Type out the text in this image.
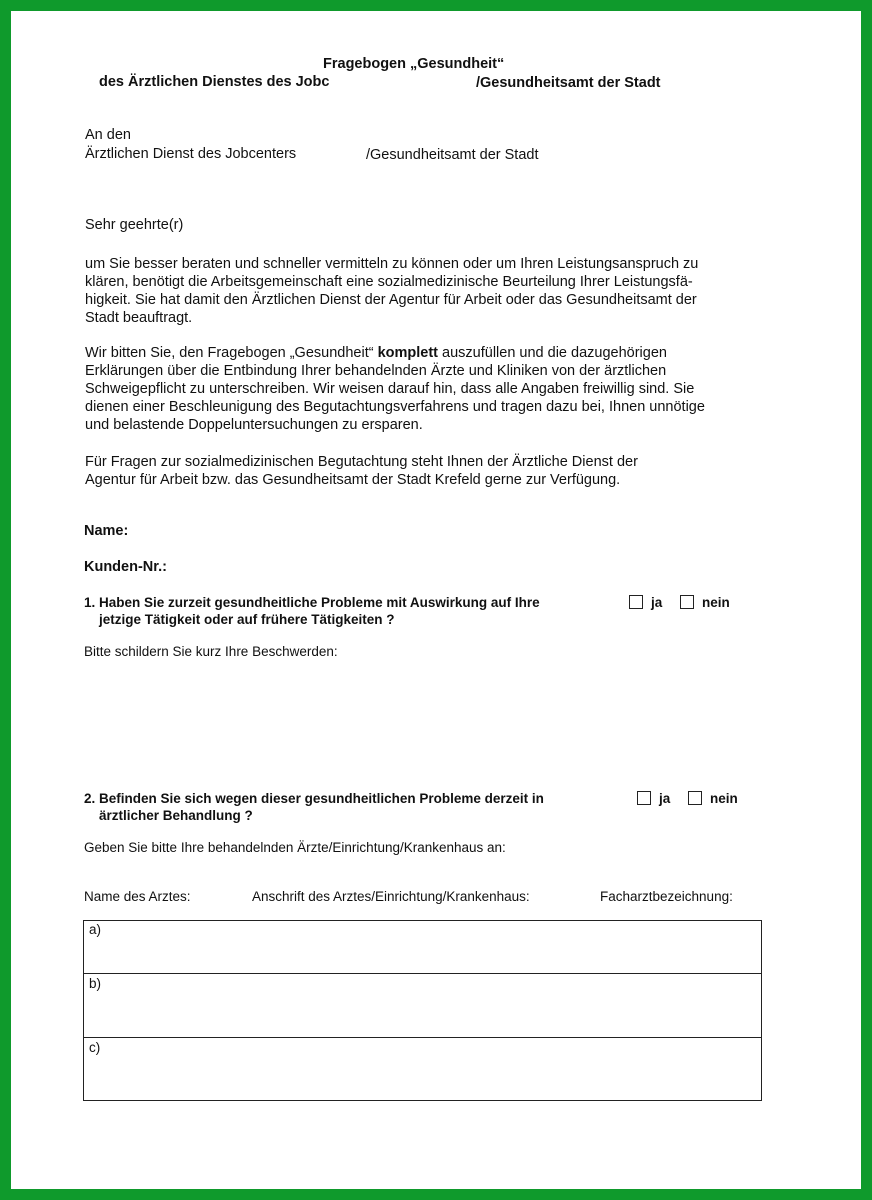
Fragebogen „Gesundheit“
des Ärztlichen Dienstes des Jobc	/Gesundheitsamt der Stadt
An den
Ärztlichen Dienst des Jobcenters	/Gesundheitsamt der Stadt
Sehr geehrte(r)
um Sie besser beraten und schneller vermitteln zu können oder um Ihren Leistungsanspruch zu
klären, benötigt die Arbeitsgemeinschaft eine sozialmedizinische Beurteilung Ihrer Leistungsfä-
higkeit. Sie hat damit den Ärztlichen Dienst der Agentur für Arbeit oder das Gesundheitsamt der
Stadt beauftragt.
Wir bitten Sie, den Fragebogen „Gesundheit“ komplett auszufüllen und die dazugehörigen
Erklärungen über die Entbindung Ihrer behandelnden Ärzte und Kliniken von der ärztlichen
Schweigepflicht zu unterschreiben. Wir weisen darauf hin, dass alle Angaben freiwillig sind. Sie
dienen einer Beschleunigung des Begutachtungsverfahrens und tragen dazu bei, Ihnen unnötige
und belastende Doppeluntersuchungen zu ersparen.
Für Fragen zur sozialmedizinischen Begutachtung steht Ihnen der Ärztliche Dienst der
Agentur für Arbeit bzw. das Gesundheitsamt der Stadt Krefeld gerne zur Verfügung.
Name:
Kunden-Nr.:
1. Haben Sie zurzeit gesundheitliche Probleme mit Auswirkung auf Ihre
jetzige Tätigkeit oder auf frühere Tätigkeiten ?
ja	nein
Bitte schildern Sie kurz Ihre Beschwerden:
2. Befinden Sie sich wegen dieser gesundheitlichen Probleme derzeit in
ärztlicher Behandlung ?
ja	nein
Geben Sie bitte Ihre behandelnden Ärzte/Einrichtung/Krankenhaus an:
Name des Arztes:	Anschrift des Arztes/Einrichtung/Krankenhaus:	Facharztbezeichnung:
a)
b)
c)
